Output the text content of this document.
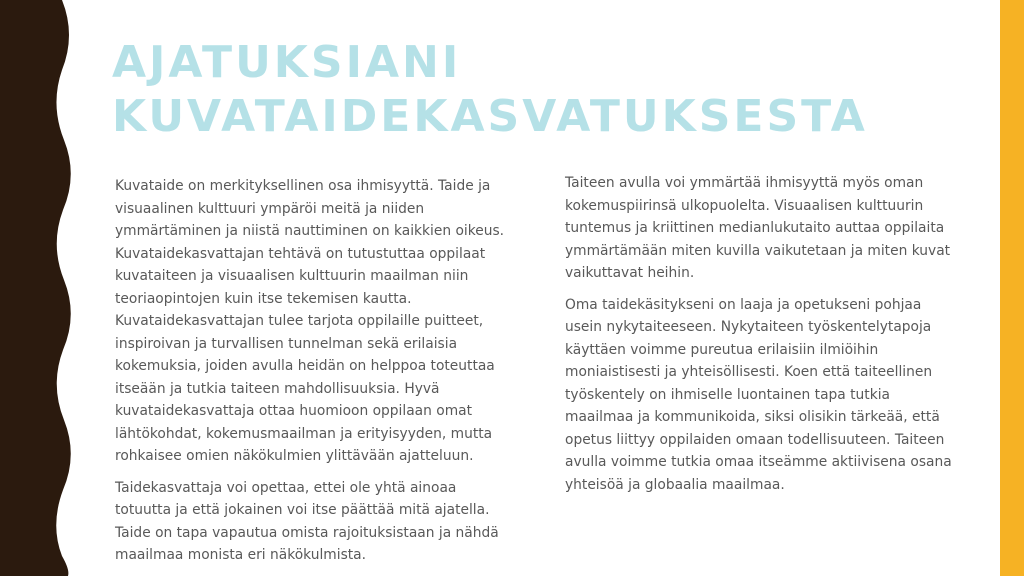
AJATUKSIANI
KUVATAIDEKASVATUKSESTA

Kuvataide on merkityksellinen osa ihmisyyttä. Taide ja visuaalinen kulttuuri ympäröi meitä ja niiden ymmärtäminen ja niistä nauttiminen on kaikkien oikeus. Kuvataidekasvattajan tehtävä on tutustuttaa oppilaat kuvataiteen ja visuaalisen kulttuurin maailman niin teoriaopintojen kuin itse tekemisen kautta. Kuvataidekasvattajan tulee tarjota oppilaille puitteet, inspiroivan ja turvallisen tunnelman sekä erilaisia kokemuksia, joiden avulla heidän on helppoa toteuttaa itseään ja tutkia taiteen mahdollisuuksia. Hyvä kuvataidekasvattaja ottaa huomioon oppilaan omat lähtökohdat, kokemusmaailman ja erityisyyden, mutta rohkaisee omien näkökulmien ylittävään ajatteluun.

Taidekasvattaja voi opettaa, ettei ole yhtä ainoaa totuutta ja että jokainen voi itse päättää mitä ajatella. Taide on tapa vapautua omista rajoituksistaan ja nähdä maailmaa monista eri näkökulmista.

Taiteen avulla voi ymmärtää ihmisyyttä myös oman kokemuspiirinsä ulkopuolelta. Visuaalisen kulttuurin tuntemus ja kriittinen medianlukutaito auttaa oppilaita ymmärtämään miten kuvilla vaikutetaan ja miten kuvat vaikuttavat heihin.

Oma taidekäsitykseni on laaja ja opetukseni pohjaa usein nykytaiteeseen. Nykytaiteen työskentelytapoja käyttäen voimme pureutua erilaisiin ilmiöihin moniaistisesti ja yhteisöllisesti. Koen että taiteellinen työskentely on ihmiselle luontainen tapa tutkia maailmaa ja kommunikoida, siksi olisikin tärkeää, että opetus liittyy oppilaiden omaan todellisuuteen. Taiteen avulla voimme tutkia omaa itseämme aktiivisena osana yhteisöä ja globaalia maailmaa.
